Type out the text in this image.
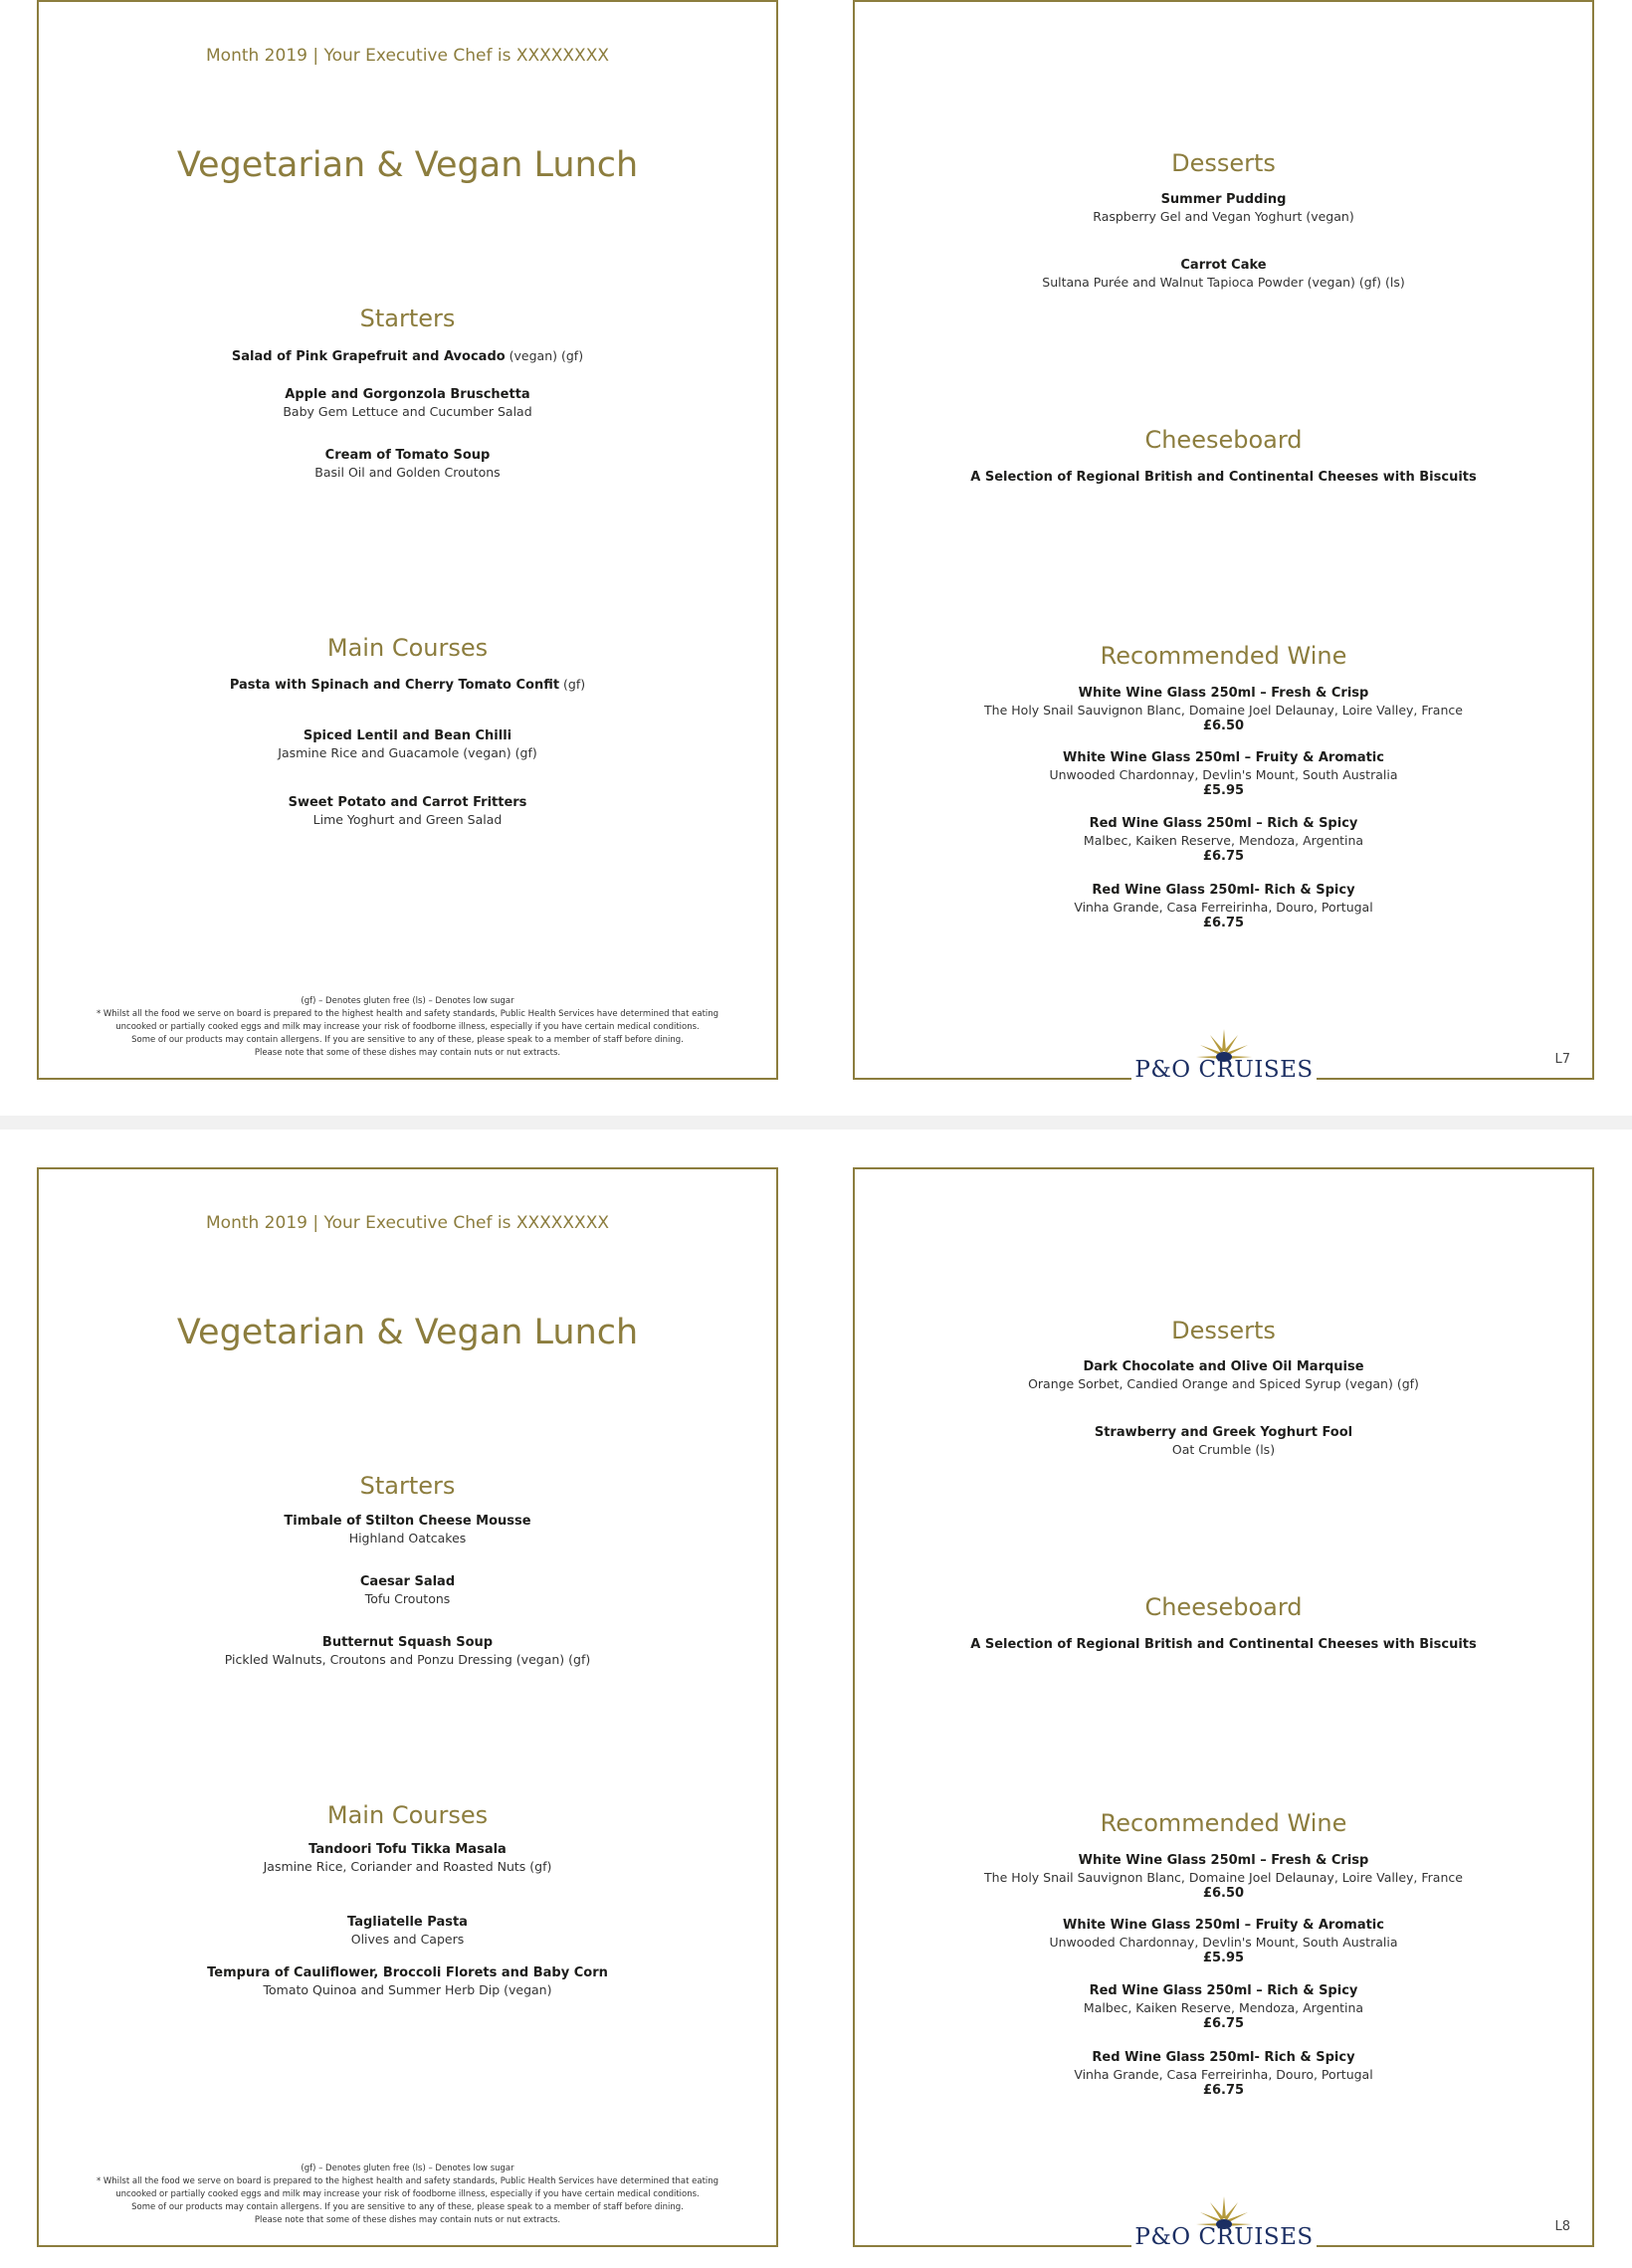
Month 2019 | Your Executive Chef is XXXXXXXX
Vegetarian & Vegan Lunch
Starters
Salad of Pink Grapefruit and Avocado (vegan) (gf)
Apple and Gorgonzola Bruschetta
Baby Gem Lettuce and Cucumber Salad
Cream of Tomato Soup
Basil Oil and Golden Croutons
Main Courses
Pasta with Spinach and Cherry Tomato Confit (gf)
Spiced Lentil and Bean Chilli
Jasmine Rice and Guacamole (vegan) (gf)
Sweet Potato and Carrot Fritters
Lime Yoghurt and Green Salad
(gf) – Denotes gluten free (ls) – Denotes low sugar
* Whilst all the food we serve on board is prepared to the highest health and safety standards, Public Health Services have determined that eating uncooked or partially cooked eggs and milk may increase your risk of foodborne illness, especially if you have certain medical conditions.
Some of our products may contain allergens. If you are sensitive to any of these, please speak to a member of staff before dining.
Please note that some of these dishes may contain nuts or nut extracts.
Desserts
Summer Pudding
Raspberry Gel and Vegan Yoghurt (vegan)
Carrot Cake
Sultana Purée and Walnut Tapioca Powder (vegan) (gf) (ls)
Cheeseboard
A Selection of Regional British and Continental Cheeses with Biscuits
Recommended Wine
White Wine Glass 250ml – Fresh & Crisp
The Holy Snail Sauvignon Blanc, Domaine Joel Delaunay, Loire Valley, France
£6.50
White Wine Glass 250ml – Fruity & Aromatic
Unwooded Chardonnay, Devlin's Mount, South Australia
£5.95
Red Wine Glass 250ml – Rich & Spicy
Malbec, Kaiken Reserve, Mendoza, Argentina
£6.75
Red Wine Glass 250ml- Rich & Spicy
Vinha Grande, Casa Ferreirinha, Douro, Portugal
£6.75
L7
P&O CRUISES
Month 2019 | Your Executive Chef is XXXXXXXX
Vegetarian & Vegan Lunch
Starters
Timbale of Stilton Cheese Mousse
Highland Oatcakes
Caesar Salad
Tofu Croutons
Butternut Squash Soup
Pickled Walnuts, Croutons and Ponzu Dressing (vegan) (gf)
Main Courses
Tandoori Tofu Tikka Masala
Jasmine Rice, Coriander and Roasted Nuts (gf)
Tagliatelle Pasta
Olives and Capers
Tempura of Cauliflower, Broccoli Florets and Baby Corn
Tomato Quinoa and Summer Herb Dip (vegan)
(gf) – Denotes gluten free (ls) – Denotes low sugar
* Whilst all the food we serve on board is prepared to the highest health and safety standards, Public Health Services have determined that eating uncooked or partially cooked eggs and milk may increase your risk of foodborne illness, especially if you have certain medical conditions.
Some of our products may contain allergens. If you are sensitive to any of these, please speak to a member of staff before dining.
Please note that some of these dishes may contain nuts or nut extracts.
Desserts
Dark Chocolate and Olive Oil Marquise
Orange Sorbet, Candied Orange and Spiced Syrup (vegan) (gf)
Strawberry and Greek Yoghurt Fool
Oat Crumble (ls)
Cheeseboard
A Selection of Regional British and Continental Cheeses with Biscuits
Recommended Wine
White Wine Glass 250ml – Fresh & Crisp
The Holy Snail Sauvignon Blanc, Domaine Joel Delaunay, Loire Valley, France
£6.50
White Wine Glass 250ml – Fruity & Aromatic
Unwooded Chardonnay, Devlin's Mount, South Australia
£5.95
Red Wine Glass 250ml – Rich & Spicy
Malbec, Kaiken Reserve, Mendoza, Argentina
£6.75
Red Wine Glass 250ml- Rich & Spicy
Vinha Grande, Casa Ferreirinha, Douro, Portugal
£6.75
L8
P&O CRUISES
